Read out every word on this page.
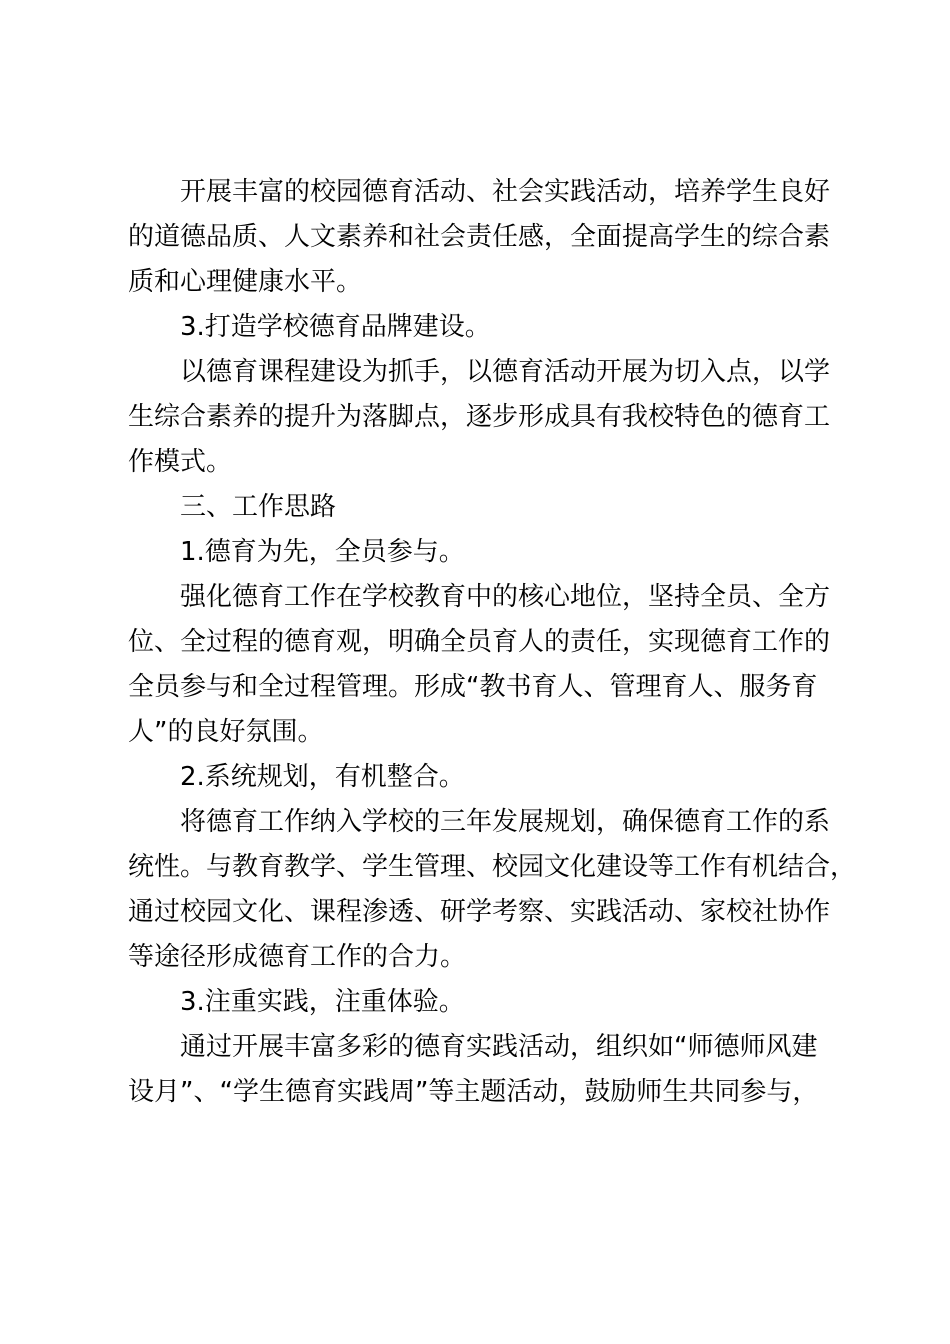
开展丰富的校园德育活动、社会实践活动，培养学生良好
的道德品质、人文素养和社会责任感，全面提高学生的综合素
质和心理健康水平。
3.打造学校德育品牌建设。
以德育课程建设为抓手，以德育活动开展为切入点，以学
生综合素养的提升为落脚点，逐步形成具有我校特色的德育工
作模式。
三、工作思路
1.德育为先，全员参与。
强化德育工作在学校教育中的核心地位，坚持全员、全方
位、全过程的德育观，明确全员育人的责任，实现德育工作的
全员参与和全过程管理。形成“教书育人、管理育人、服务育
人”的良好氛围。
2.系统规划，有机整合。
将德育工作纳入学校的三年发展规划，确保德育工作的系
统性。与教育教学、学生管理、校园文化建设等工作有机结合，
通过校园文化、课程渗透、研学考察、实践活动、家校社协作
等途径形成德育工作的合力。
3.注重实践，注重体验。
通过开展丰富多彩的德育实践活动，组织如“师德师风建
设月”、“学生德育实践周”等主题活动，鼓励师生共同参与，
